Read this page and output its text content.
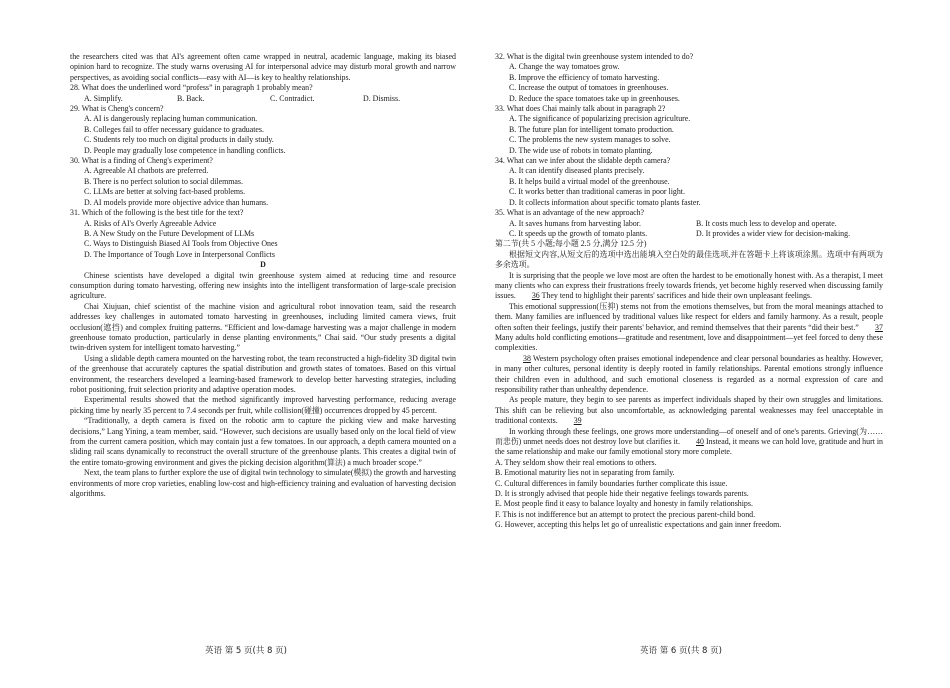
the researchers cited was that AI's agreement often came wrapped in neutral, academic language, making its biased opinion hard to recognize. The study warns overusing AI for interpersonal advice may disturb moral growth and narrow perspectives, as avoiding social conflicts—easy with AI—is key to healthy relationships.

28. What does the underlined word “profess” in paragraph 1 probably mean?

A. Simplify.	B. Back.	C. Contradict.	D. Dismiss.

29. What is Cheng's concern?

A. AI is dangerously replacing human communication.

B. Colleges fail to offer necessary guidance to graduates.

C. Students rely too much on digital products in daily study.

D. People may gradually lose competence in handling conflicts.

30. What is a finding of Cheng's experiment?

A. Agreeable AI chatbots are preferred.

B. There is no perfect solution to social dilemmas.

C. LLMs are better at solving fact-based problems.

D. AI models provide more objective advice than humans.

31. Which of the following is the best title for the text?

A. Risks of AI's Overly Agreeable Advice

B. A New Study on the Future Development of LLMs

C. Ways to Distinguish Biased AI Tools from Objective Ones

D. The Importance of Tough Love in Interpersonal Conflicts

D

Chinese scientists have developed a digital twin greenhouse system aimed at reducing time and resource consumption during tomato harvesting, offering new insights into the intelligent transformation of large-scale precision agriculture.

Chai Xiujuan, chief scientist of the machine vision and agricultural robot innovation team, said the research addresses key challenges in automated tomato harvesting in greenhouses, including limited camera views, fruit occlusion(遮挡) and complex fruiting patterns. “Efficient and low-damage harvesting was a major challenge in modern greenhouse tomato production, particularly in dense planting environments,” Chai said. “Our study presents a digital twin-driven system for intelligent tomato harvesting.”

Using a slidable depth camera mounted on the harvesting robot, the team reconstructed a high-fidelity 3D digital twin of the greenhouse that accurately captures the spatial distribution and growth states of tomatoes. Based on this virtual environment, the researchers developed a learning-based framework to develop better harvesting strategies, including robot positioning, fruit selection priority and adaptive operation modes.

Experimental results showed that the method significantly improved harvesting performance, reducing average picking time by nearly 35 percent to 7.4 seconds per fruit, while collision(碰撞) occurrences dropped by 45 percent.

“Traditionally, a depth camera is fixed on the robotic arm to capture the picking view and make harvesting decisions,” Lang Yining, a team member, said. “However, such decisions are usually based only on the local field of view from the current camera position, which may contain just a few tomatoes. In our approach, a depth camera mounted on a sliding rail scans dynamically to reconstruct the overall structure of the greenhouse plants. This creates a digital twin of the entire tomato-growing environment and gives the picking decision algorithm(算法) a much broader scope.”

Next, the team plans to further explore the use of digital twin technology to simulate(模拟) the growth and harvesting environments of more crop varieties, enabling low-cost and high-efficiency training and evaluation of harvesting decision algorithms.

32. What is the digital twin greenhouse system intended to do?

A. Change the way tomatoes grow.

B. Improve the efficiency of tomato harvesting.

C. Increase the output of tomatoes in greenhouses.

D. Reduce the space tomatoes take up in greenhouses.

33. What does Chai mainly talk about in paragraph 2?

A. The significance of popularizing precision agriculture.

B. The future plan for intelligent tomato production.

C. The problems the new system manages to solve.

D. The wide use of robots in tomato planting.

34. What can we infer about the slidable depth camera?

A. It can identify diseased plants precisely.

B. It helps build a virtual model of the greenhouse.

C. It works better than traditional cameras in poor light.

D. It collects information about specific tomato plants faster.

35. What is an advantage of the new approach?

A. It saves humans from harvesting labor.	B. It costs much less to develop and operate.
C. It speeds up the growth of tomato plants.	D. It provides a wider view for decision-making.

第二节(共 5 小题;每小题 2.5 分,满分 12.5 分)

根据短文内容,从短文后的选项中选出能填入空白处的最佳选项,并在答题卡上将该项涂黑。选项中有两项为多余选项。

It is surprising that the people we love most are often the hardest to be emotionally honest with. As a therapist, I meet many clients who can express their frustrations freely towards friends, yet become highly reserved when discussing family issues. 36 They tend to highlight their parents' sacrifices and hide their own unpleasant feelings.

This emotional suppression(压抑) stems not from the emotions themselves, but from the moral meanings attached to them. Many families are influenced by traditional values like respect for elders and family harmony. As a result, people often soften their feelings, justify their parents' behavior, and remind themselves that their parents “did their best.” 37 Many adults hold conflicting emotions—gratitude and resentment, love and disappointment—yet feel forced to deny these complexities.

38 Western psychology often praises emotional independence and clear personal boundaries as healthy. However, in many other cultures, personal identity is deeply rooted in family relationships. Parental emotions strongly influence their children even in adulthood, and such emotional closeness is regarded as a normal expression of care and responsibility rather than unhealthy dependence.

As people mature, they begin to see parents as imperfect individuals shaped by their own struggles and limitations. This shift can be relieving but also uncomfortable, as acknowledging parental weaknesses may feel unacceptable in traditional contexts. 39

In working through these feelings, one grows more understanding—of oneself and of one's parents. Grieving(为……而悲伤) unmet needs does not destroy love but clarifies it. 40 Instead, it means we can hold love, gratitude and hurt in the same relationship and make our family emotional story more complete.

A. They seldom show their real emotions to others.

B. Emotional maturity lies not in separating from family.

C. Cultural differences in family boundaries further complicate this issue.

D. It is strongly advised that people hide their negative feelings towards parents.

E. Most people find it easy to balance loyalty and honesty in family relationships.

F. This is not indifference but an attempt to protect the precious parent-child bond.

G. However, accepting this helps let go of unrealistic expectations and gain inner freedom.

英语 第 5 页(共 8 页)	英语 第 6 页(共 8 页)
